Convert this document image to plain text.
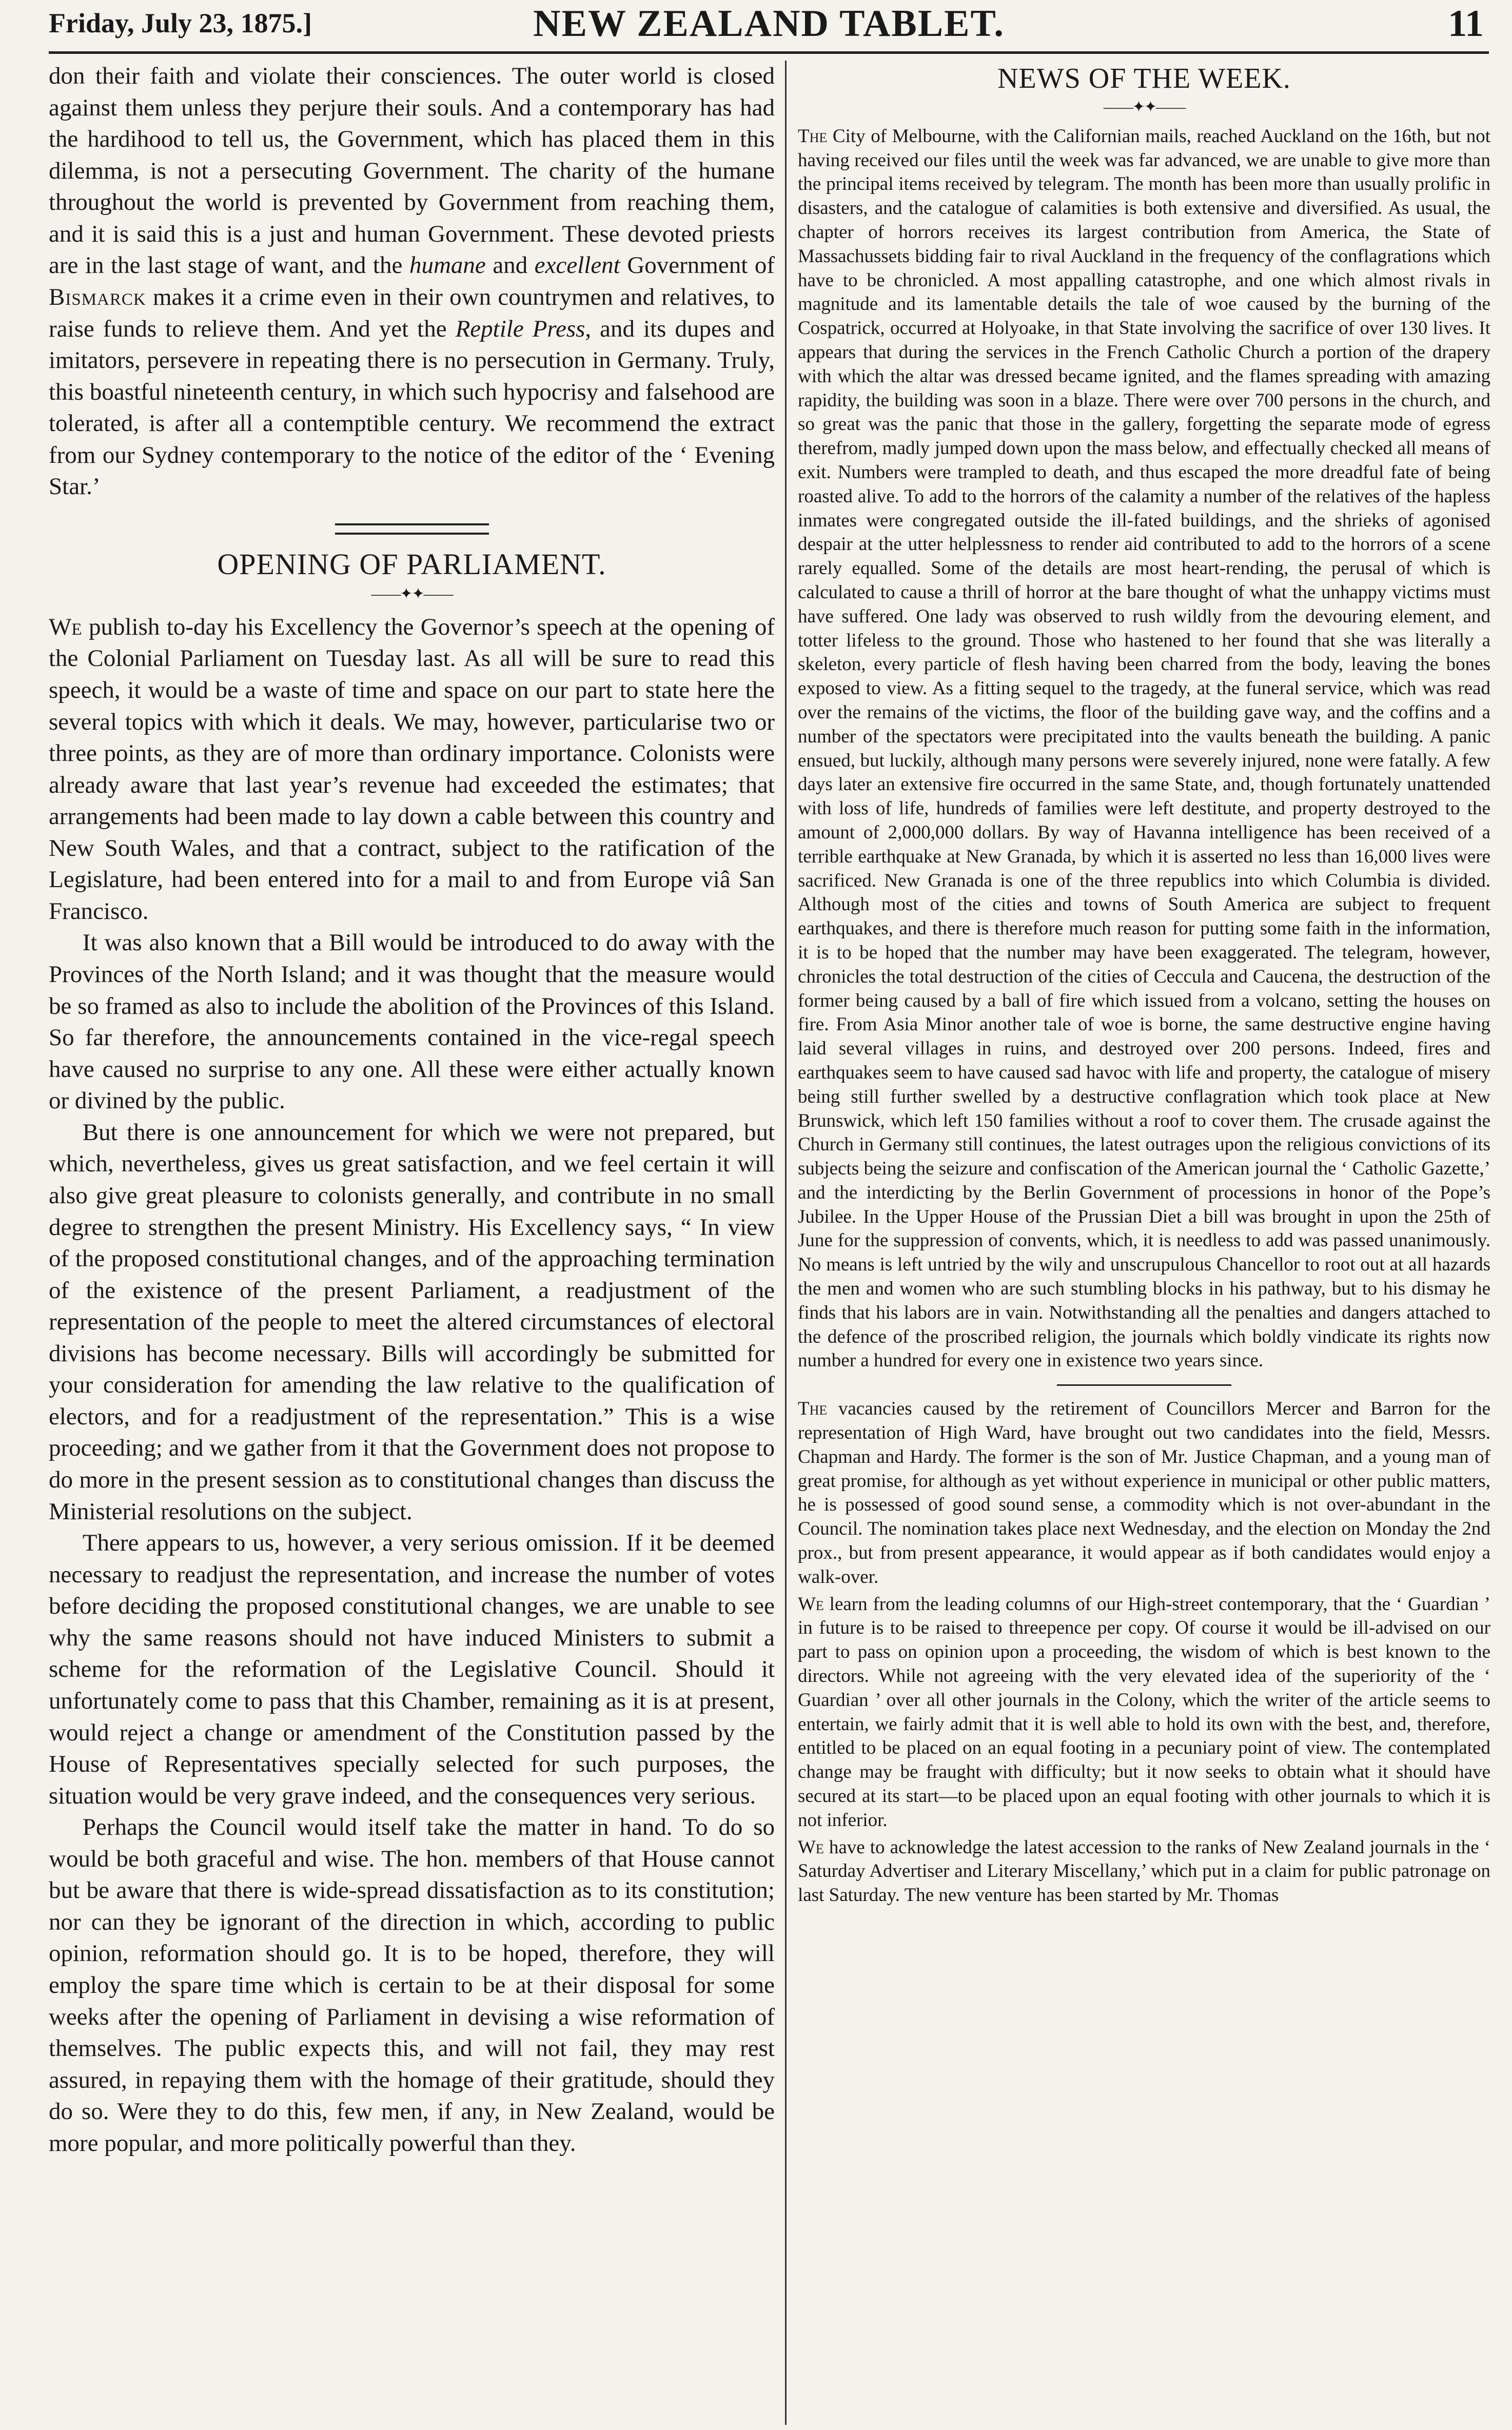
Friday, July 23, 1875.]	NEW ZEALAND TABLET.	11

don their faith and violate their consciences. The outer world is closed against them unless they perjure their souls. And a contemporary has had the hardihood to tell us, the Government, which has placed them in this dilemma, is not a persecuting Government. The charity of the humane throughout the world is prevented by Government from reaching them, and it is said this is a just and human Government. These devoted priests are in the last stage of want, and the humane and excellent Government of Bismarck makes it a crime even in their own countrymen and relatives, to raise funds to relieve them. And yet the Reptile Press, and its dupes and imitators, persevere in repeating there is no persecution in Germany. Truly, this boastful nineteenth century, in which such hypocrisy and falsehood are tolerated, is after all a contemptible century. We recommend the extract from our Sydney contemporary to the notice of the editor of the ‘ Evening Star.’

OPENING OF PARLIAMENT.
——✦✦——

We publish to-day his Excellency the Governor’s speech at the opening of the Colonial Parliament on Tuesday last. As all will be sure to read this speech, it would be a waste of time and space on our part to state here the several topics with which it deals. We may, however, particularise two or three points, as they are of more than ordinary importance. Colonists were already aware that last year’s revenue had exceeded the estimates; that arrangements had been made to lay down a cable between this country and New South Wales, and that a contract, subject to the ratification of the Legislature, had been entered into for a mail to and from Europe viâ San Francisco.

It was also known that a Bill would be introduced to do away with the Provinces of the North Island; and it was thought that the measure would be so framed as also to include the abolition of the Provinces of this Island. So far therefore, the announcements contained in the vice-regal speech have caused no surprise to any one. All these were either actually known or divined by the public.

But there is one announcement for which we were not prepared, but which, nevertheless, gives us great satisfaction, and we feel certain it will also give great pleasure to colonists generally, and contribute in no small degree to strengthen the present Ministry. His Excellency says, “ In view of the proposed constitutional changes, and of the approaching termination of the existence of the present Parliament, a readjustment of the representation of the people to meet the altered circumstances of electoral divisions has become necessary. Bills will accordingly be submitted for your consideration for amending the law relative to the qualification of electors, and for a readjustment of the representation.” This is a wise proceeding; and we gather from it that the Government does not propose to do more in the present session as to constitutional changes than discuss the Ministerial resolutions on the subject.

There appears to us, however, a very serious omission. If it be deemed necessary to readjust the representation, and increase the number of votes before deciding the proposed constitutional changes, we are unable to see why the same reasons should not have induced Ministers to submit a scheme for the reformation of the Legislative Council. Should it unfortunately come to pass that this Chamber, remaining as it is at present, would reject a change or amendment of the Constitution passed by the House of Representatives specially selected for such purposes, the situation would be very grave indeed, and the consequences very serious.

Perhaps the Council would itself take the matter in hand. To do so would be both graceful and wise. The hon. members of that House cannot but be aware that there is wide-spread dissatisfaction as to its constitution; nor can they be ignorant of the direction in which, according to public opinion, reformation should go. It is to be hoped, therefore, they will employ the spare time which is certain to be at their disposal for some weeks after the opening of Parliament in devising a wise reformation of themselves. The public expects this, and will not fail, they may rest assured, in repaying them with the homage of their gratitude, should they do so. Were they to do this, few men, if any, in New Zealand, would be more popular, and more politically powerful than they.

NEWS OF THE WEEK.
——✦✦——

The City of Melbourne, with the Californian mails, reached Auckland on the 16th, but not having received our files until the week was far advanced, we are unable to give more than the principal items received by telegram. The month has been more than usually prolific in disasters, and the catalogue of calamities is both extensive and diversified. As usual, the chapter of horrors receives its largest contribution from America, the State of Massachussets bidding fair to rival Auckland in the frequency of the conflagrations which have to be chronicled. A most appalling catastrophe, and one which almost rivals in magnitude and its lamentable details the tale of woe caused by the burning of the Cospatrick, occurred at Holyoake, in that State involving the sacrifice of over 130 lives. It appears that during the services in the French Catholic Church a portion of the drapery with which the altar was dressed became ignited, and the flames spreading with amazing rapidity, the building was soon in a blaze. There were over 700 persons in the church, and so great was the panic that those in the gallery, forgetting the separate mode of egress therefrom, madly jumped down upon the mass below, and effectually checked all means of exit. Numbers were trampled to death, and thus escaped the more dreadful fate of being roasted alive. To add to the horrors of the calamity a number of the relatives of the hapless inmates were congregated outside the ill-fated buildings, and the shrieks of agonised despair at the utter helplessness to render aid contributed to add to the horrors of a scene rarely equalled. Some of the details are most heart-rending, the perusal of which is calculated to cause a thrill of horror at the bare thought of what the unhappy victims must have suffered. One lady was observed to rush wildly from the devouring element, and totter lifeless to the ground. Those who hastened to her found that she was literally a skeleton, every particle of flesh having been charred from the body, leaving the bones exposed to view. As a fitting sequel to the tragedy, at the funeral service, which was read over the remains of the victims, the floor of the building gave way, and the coffins and a number of the spectators were precipitated into the vaults beneath the building. A panic ensued, but luckily, although many persons were severely injured, none were fatally. A few days later an extensive fire occurred in the same State, and, though fortunately unattended with loss of life, hundreds of families were left destitute, and property destroyed to the amount of 2,000,000 dollars. By way of Havanna intelligence has been received of a terrible earthquake at New Granada, by which it is asserted no less than 16,000 lives were sacrificed. New Granada is one of the three republics into which Columbia is divided. Although most of the cities and towns of South America are subject to frequent earthquakes, and there is therefore much reason for putting some faith in the information, it is to be hoped that the number may have been exaggerated. The telegram, however, chronicles the total destruction of the cities of Ceccula and Caucena, the destruction of the former being caused by a ball of fire which issued from a volcano, setting the houses on fire. From Asia Minor another tale of woe is borne, the same destructive engine having laid several villages in ruins, and destroyed over 200 persons. Indeed, fires and earthquakes seem to have caused sad havoc with life and property, the catalogue of misery being still further swelled by a destructive conflagration which took place at New Brunswick, which left 150 families without a roof to cover them. The crusade against the Church in Germany still continues, the latest outrages upon the religious convictions of its subjects being the seizure and confiscation of the American journal the ‘ Catholic Gazette,’ and the interdicting by the Berlin Government of processions in honor of the Pope’s Jubilee. In the Upper House of the Prussian Diet a bill was brought in upon the 25th of June for the suppression of convents, which, it is needless to add was passed unanimously. No means is left untried by the wily and unscrupulous Chancellor to root out at all hazards the men and women who are such stumbling blocks in his pathway, but to his dismay he finds that his labors are in vain. Notwithstanding all the penalties and dangers attached to the defence of the proscribed religion, the journals which boldly vindicate its rights now number a hundred for every one in existence two years since.

The vacancies caused by the retirement of Councillors Mercer and Barron for the representation of High Ward, have brought out two candidates into the field, Messrs. Chapman and Hardy. The former is the son of Mr. Justice Chapman, and a young man of great promise, for although as yet without experience in municipal or other public matters, he is possessed of good sound sense, a commodity which is not over-abundant in the Council. The nomination takes place next Wednesday, and the election on Monday the 2nd prox., but from present appearance, it would appear as if both candidates would enjoy a walk-over.

We learn from the leading columns of our High-street contemporary, that the ‘ Guardian ’ in future is to be raised to threepence per copy. Of course it would be ill-advised on our part to pass on opinion upon a proceeding, the wisdom of which is best known to the directors. While not agreeing with the very elevated idea of the superiority of the ‘ Guardian ’ over all other journals in the Colony, which the writer of the article seems to entertain, we fairly admit that it is well able to hold its own with the best, and, therefore, entitled to be placed on an equal footing in a pecuniary point of view. The contemplated change may be fraught with difficulty; but it now seeks to obtain what it should have secured at its start—to be placed upon an equal footing with other journals to which it is not inferior.

We have to acknowledge the latest accession to the ranks of New Zealand journals in the ‘ Saturday Advertiser and Literary Miscellany,’ which put in a claim for public patronage on last Saturday. The new venture has been started by Mr. Thomas
